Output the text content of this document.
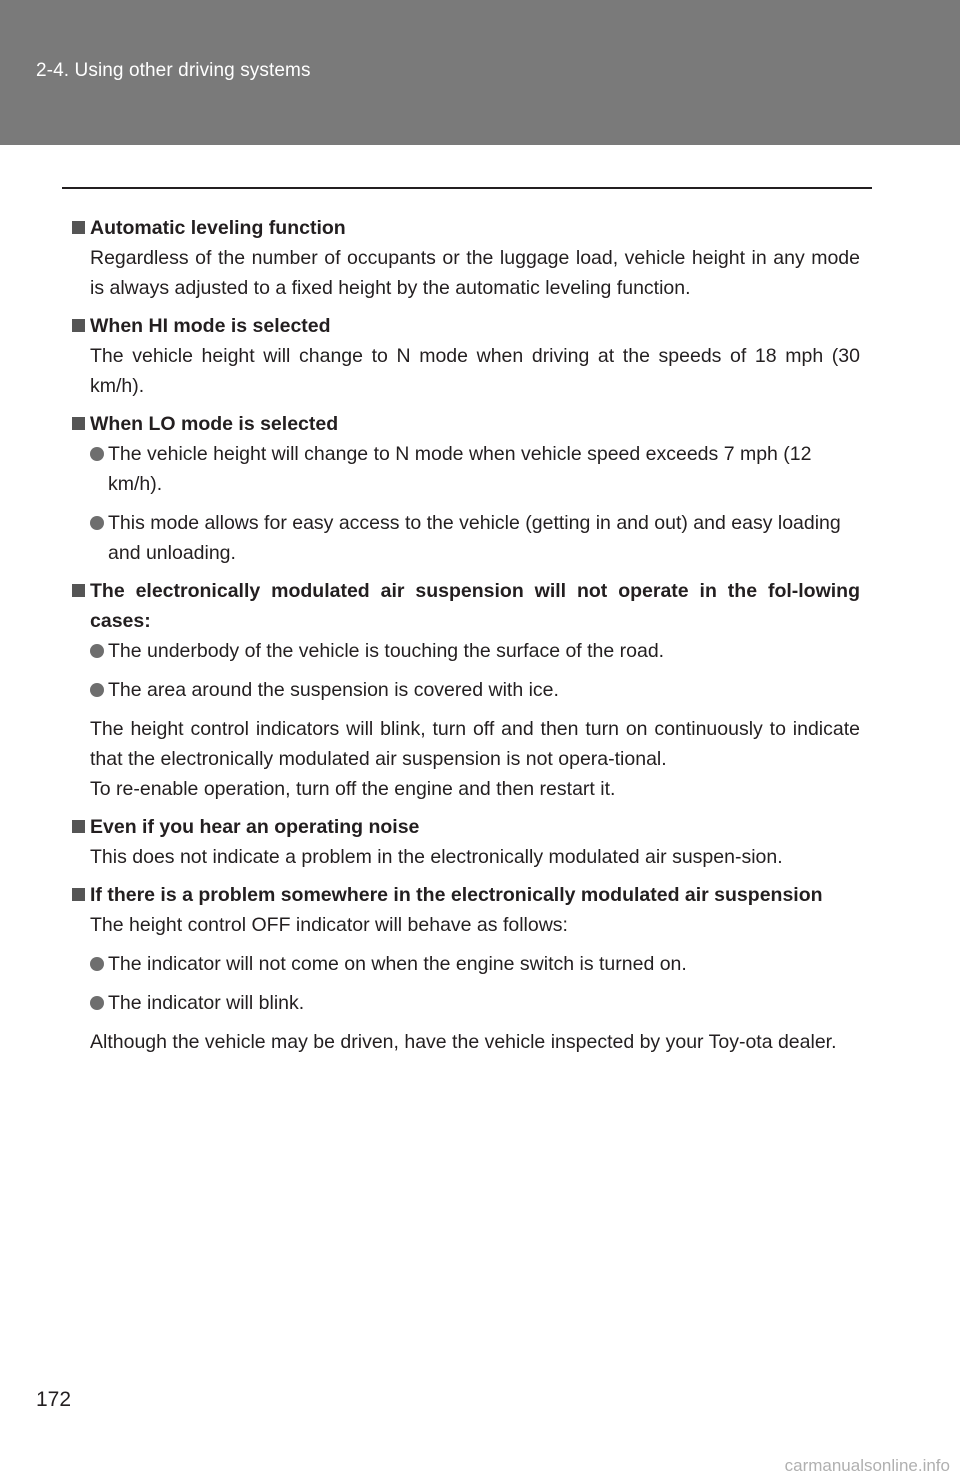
2-4. Using other driving systems
Automatic leveling function
Regardless of the number of occupants or the luggage load, vehicle height in any mode is always adjusted to a fixed height by the automatic leveling function.
When HI mode is selected
The vehicle height will change to N mode when driving at the speeds of 18 mph (30 km/h).
When LO mode is selected
The vehicle height will change to N mode when vehicle speed exceeds 7 mph (12 km/h).
This mode allows for easy access to the vehicle (getting in and out) and easy loading and unloading.
The electronically modulated air suspension will not operate in the fol-lowing cases:
The underbody of the vehicle is touching the surface of the road.
The area around the suspension is covered with ice.
The height control indicators will blink, turn off and then turn on continuously to indicate that the electronically modulated air suspension is not opera-tional.
To re-enable operation, turn off the engine and then restart it.
Even if you hear an operating noise
This does not indicate a problem in the electronically modulated air suspen-sion.
If there is a problem somewhere in the electronically modulated air suspension
The height control OFF indicator will behave as follows:
The indicator will not come on when the engine switch is turned on.
The indicator will blink.
Although the vehicle may be driven, have the vehicle inspected by your Toy-ota dealer.
172
carmanualsonline.info
